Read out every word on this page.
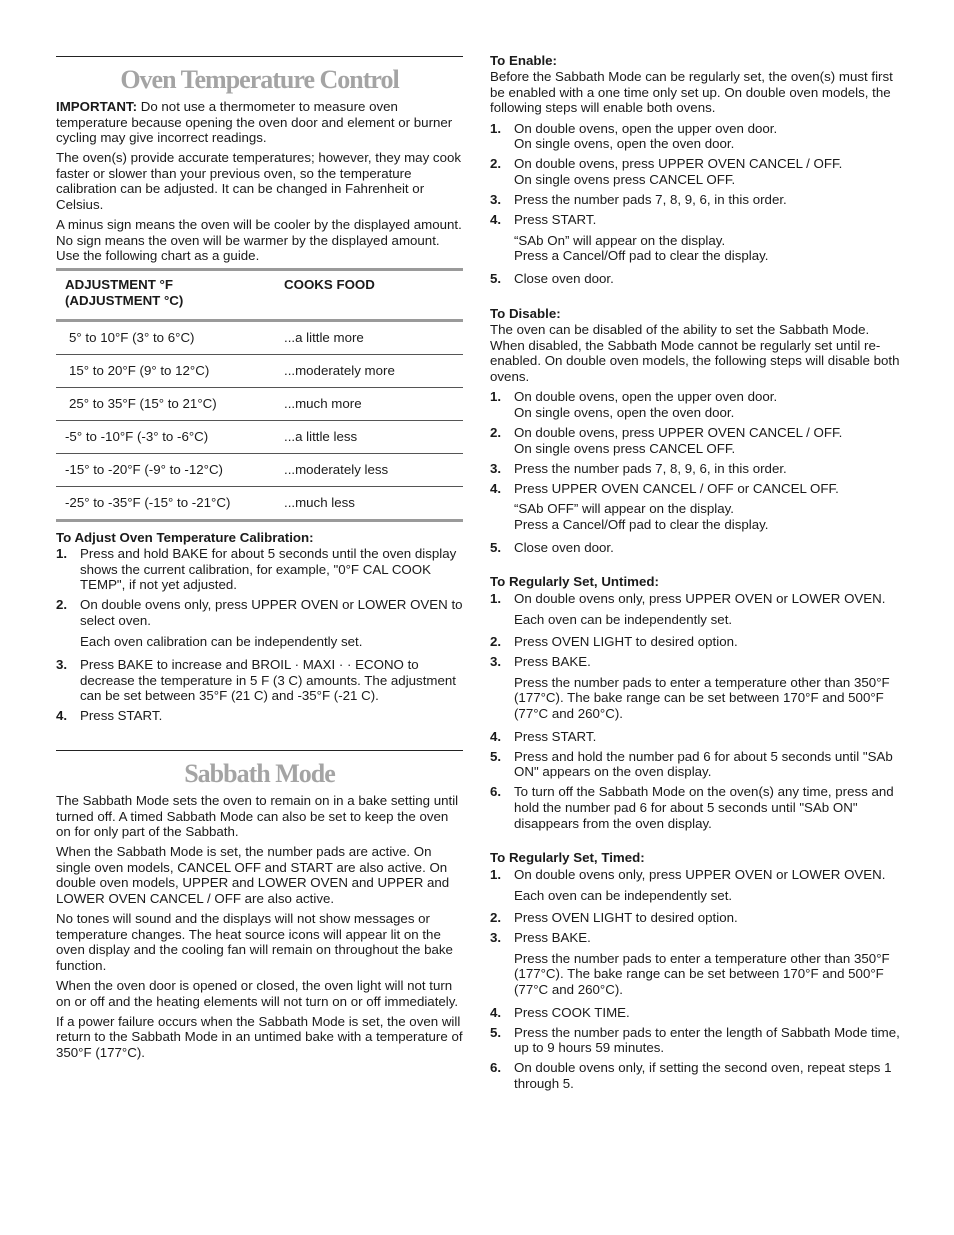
Oven Temperature Control

IMPORTANT: Do not use a thermometer to measure oven temperature because opening the oven door and element or burner cycling may give incorrect readings.

The oven(s) provide accurate temperatures; however, they may cook faster or slower than your previous oven, so the temperature calibration can be adjusted. It can be changed in Fahrenheit or Celsius.

A minus sign means the oven will be cooler by the displayed amount. No sign means the oven will be warmer by the displayed amount. Use the following chart as a guide.

ADJUSTMENT °F
(ADJUSTMENT °C)	COOKS FOOD
5° to 10°F (3° to 6°C)	...a little more
15° to 20°F (9° to 12°C)	...moderately more
25° to 35°F (15° to 21°C)	...much more
-5° to -10°F (-3° to -6°C)	...a little less
-15° to -20°F (-9° to -12°C)	...moderately less
-25° to -35°F (-15° to -21°C)	...much less
To Adjust Oven Temperature Calibration:
1. Press and hold BAKE for about 5 seconds until the oven display shows the current calibration, for example, "0°F CAL COOK TEMP", if not yet adjusted.

2. On double ovens only, press UPPER OVEN or LOWER OVEN to select oven.

Each oven calibration can be independently set.

3. Press BAKE to increase and BROIL · MAXI · · ECONO to decrease the temperature in 5 F (3 C) amounts. The adjustment can be set between 35°F (21 C) and -35°F (-21 C).

4. Press START.

Sabbath Mode

The Sabbath Mode sets the oven to remain on in a bake setting until turned off. A timed Sabbath Mode can also be set to keep the oven on for only part of the Sabbath.

When the Sabbath Mode is set, the number pads are active. On single oven models, CANCEL OFF and START are also active. On double oven models, UPPER and LOWER OVEN and UPPER and LOWER OVEN CANCEL / OFF are also active.

No tones will sound and the displays will not show messages or temperature changes. The heat source icons will appear lit on the oven display and the cooling fan will remain on throughout the bake function.

When the oven door is opened or closed, the oven light will not turn on or off and the heating elements will not turn on or off immediately.

If a power failure occurs when the Sabbath Mode is set, the oven will return to the Sabbath Mode in an untimed bake with a temperature of 350°F (177°C).

To Enable:

Before the Sabbath Mode can be regularly set, the oven(s) must first be enabled with a one time only set up. On double oven models, the following steps will enable both ovens.

1. On double ovens, open the upper oven door.

On single ovens, open the oven door.

2. On double ovens, press UPPER OVEN CANCEL / OFF.

On single ovens press CANCEL OFF.

3. Press the number pads 7, 8, 9, 6, in this order.

4. Press START.

“SAb On” will appear on the display.

Press a Cancel/Off pad to clear the display.

5. Close oven door.

To Disable:

The oven can be disabled of the ability to set the Sabbath Mode. When disabled, the Sabbath Mode cannot be regularly set until re-enabled. On double oven models, the following steps will disable both ovens.

1. On double ovens, open the upper oven door.

On single ovens, open the oven door.

2. On double ovens, press UPPER OVEN CANCEL / OFF.

On single ovens press CANCEL OFF.

3. Press the number pads 7, 8, 9, 6, in this order.

4. Press UPPER OVEN CANCEL / OFF or CANCEL OFF.

“SAb OFF” will appear on the display.

Press a Cancel/Off pad to clear the display.

5. Close oven door.

To Regularly Set, Untimed:
1. On double ovens only, press UPPER OVEN or LOWER OVEN.

Each oven can be independently set.

2. Press OVEN LIGHT to desired option.

3. Press BAKE.

Press the number pads to enter a temperature other than 350°F (177°C). The bake range can be set between 170°F and 500°F (77°C and 260°C).

4. Press START.

5. Press and hold the number pad 6 for about 5 seconds until "SAb ON" appears on the oven display.

6. To turn off the Sabbath Mode on the oven(s) any time, press and hold the number pad 6 for about 5 seconds until "SAb ON" disappears from the oven display.

To Regularly Set, Timed:
1. On double ovens only, press UPPER OVEN or LOWER OVEN.

Each oven can be independently set.

2. Press OVEN LIGHT to desired option.

3. Press BAKE.

Press the number pads to enter a temperature other than 350°F (177°C). The bake range can be set between 170°F and 500°F (77°C and 260°C).

4. Press COOK TIME.

5. Press the number pads to enter the length of Sabbath Mode time, up to 9 hours 59 minutes.

6. On double ovens only, if setting the second oven, repeat steps 1 through 5.
